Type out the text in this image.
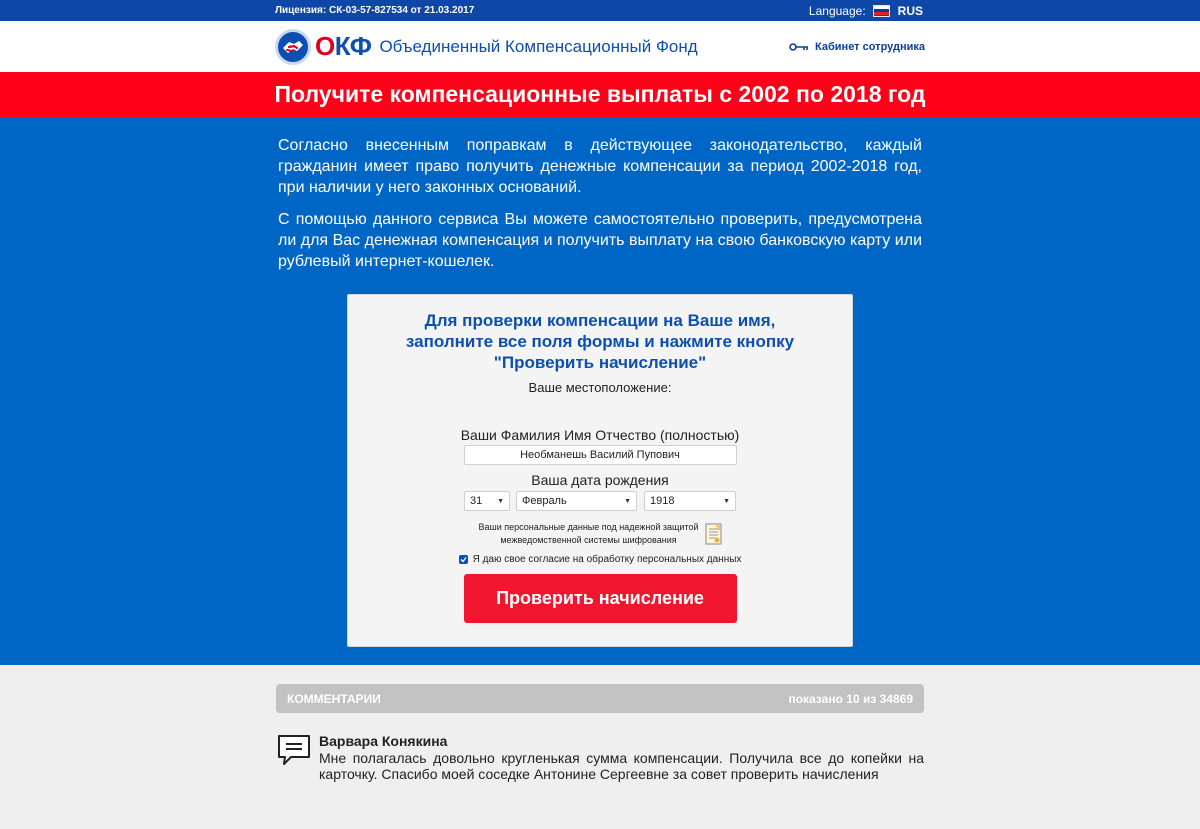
Лицензия: СК-03-57-827534 от 21.03.2017	Language:	RUS
ОКФ Объединенный Компенсационный Фонд	Кабинет сотрудника
Получите компенсационные выплаты с 2002 по 2018 год

Согласно внесенным поправкам в действующее законодательство, каждый гражданин имеет право получить денежные компенсации за период 2002-2018 год, при наличии у него законных оснований.

С помощью данного сервиса Вы можете самостоятельно проверить, предусмотрена ли для Вас денежная компенсация и получить выплату на свою банковскую карту или рублевый интернет-кошелек.

Для проверки компенсации на Ваше имя,
заполните все поля формы и нажмите кнопку
"Проверить начисление"
Ваше местоположение:
Ваши Фамилия Имя Отчество (полностью)
Необманешь Василий Пупович
Ваша дата рождения
31 ▼ Февраль	▼ 1918	▼
Ваши персональные данные под надежной защитой
межведомственной системы шифрования
Я даю свое согласие на обработку персональных данных
Проверить начисление
КОММЕНТАРИИ	показано 10 из 34869
Варвара Конякина
Мне полагалась довольно кругленькая сумма компенсации. Получила все до копейки на карточку. Спасибо моей соседке Антонине Сергеевне за совет проверить начисления
